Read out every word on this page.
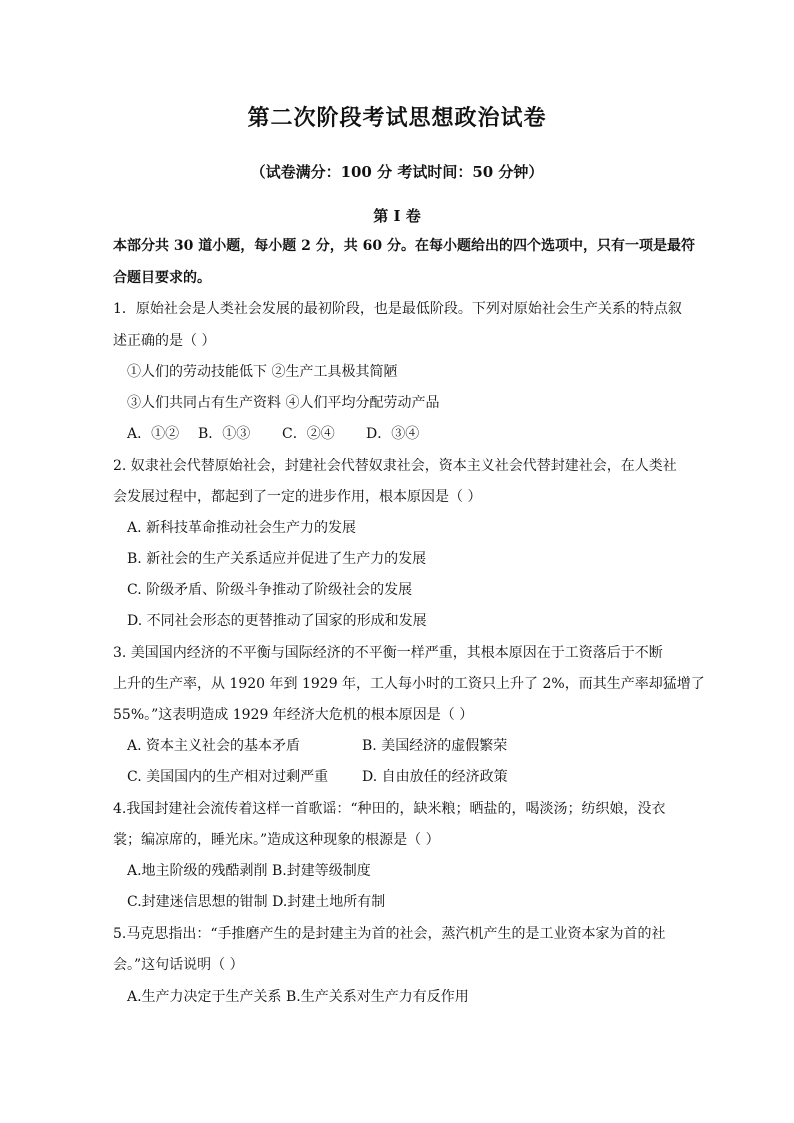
第二次阶段考试思想政治试卷
（试卷满分：100 分 考试时间：50 分钟）
第 I 卷
本部分共 30 道小题，每小题 2 分，共 60 分。在每小题给出的四个选项中，只有一项是最符
合题目要求的。
1．原始社会是人类社会发展的最初阶段，也是最低阶段。下列对原始社会生产关系的特点叙
述正确的是（ ）
①人们的劳动技能低下 ②生产工具极其简陋
③人们共同占有生产资料 ④人们平均分配劳动产品
A．①② B．①③ C．②④ D．③④
2. 奴隶社会代替原始社会，封建社会代替奴隶社会，资本主义社会代替封建社会，在人类社
会发展过程中，都起到了一定的进步作用，根本原因是（ ）
A. 新科技革命推动社会生产力的发展
B. 新社会的生产关系适应并促进了生产力的发展
C. 阶级矛盾、阶级斗争推动了阶级社会的发展
D. 不同社会形态的更替推动了国家的形成和发展
3. 美国国内经济的不平衡与国际经济的不平衡一样严重，其根本原因在于工资落后于不断
上升的生产率，从 1920 年到 1929 年，工人每小时的工资只上升了 2%，而其生产率却猛增了
55%。”这表明造成 1929 年经济大危机的根本原因是（ ）
A. 资本主义社会的基本矛盾	B. 美国经济的虚假繁荣
C. 美国国内的生产相对过剩严重 D. 自由放任的经济政策
4.我国封建社会流传着这样一首歌谣：“种田的，缺米粮；晒盐的，喝淡汤；纺织娘，没衣
裳；编凉席的，睡光床。”造成这种现象的根源是（ ）
A.地主阶级的残酷剥削 B.封建等级制度
C.封建迷信思想的钳制 D.封建土地所有制
5.马克思指出：“手推磨产生的是封建主为首的社会，蒸汽机产生的是工业资本家为首的社
会。”这句话说明（ ）
A.生产力决定于生产关系 B.生产关系对生产力有反作用
